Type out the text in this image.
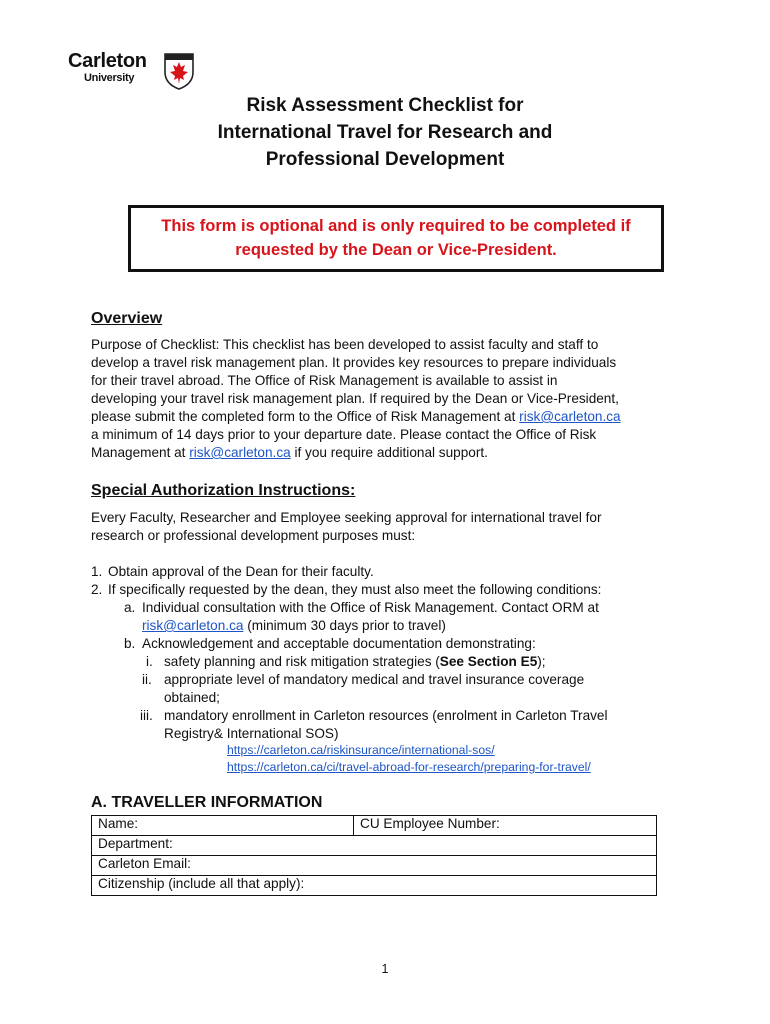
Carleton
University
Risk Assessment Checklist for
International Travel for Research and
Professional Development
This form is optional and is only required to be completed if
requested by the Dean or Vice-President.
Overview
Purpose of Checklist: This checklist has been developed to assist faculty and staff to
develop a travel risk management plan. It provides key resources to prepare individuals
for their travel abroad. The Office of Risk Management is available to assist in
developing your travel risk management plan. If required by the Dean or Vice-President,
please submit the completed form to the Office of Risk Management at risk@carleton.ca
a minimum of 14 days prior to your departure date. Please contact the Office of Risk
Management at risk@carleton.ca if you require additional support.
Special Authorization Instructions:
Every Faculty, Researcher and Employee seeking approval for international travel for
research or professional development purposes must:
1. Obtain approval of the Dean for their faculty.
2. If specifically requested by the dean, they must also meet the following conditions:
a. Individual consultation with the Office of Risk Management. Contact ORM at
risk@carleton.ca (minimum 30 days prior to travel)
b. Acknowledgement and acceptable documentation demonstrating:
i. safety planning and risk mitigation strategies (See Section E5);
ii. appropriate level of mandatory medical and travel insurance coverage
obtained;
iii. mandatory enrollment in Carleton resources (enrolment in Carleton Travel
Registry& International SOS)
https://carleton.ca/riskinsurance/international-sos/
https://carleton.ca/ci/travel-abroad-for-research/preparing-for-travel/
A. TRAVELLER INFORMATION
Name:	CU Employee Number:
Department:
Carleton Email:
Citizenship (include all that apply):
1
